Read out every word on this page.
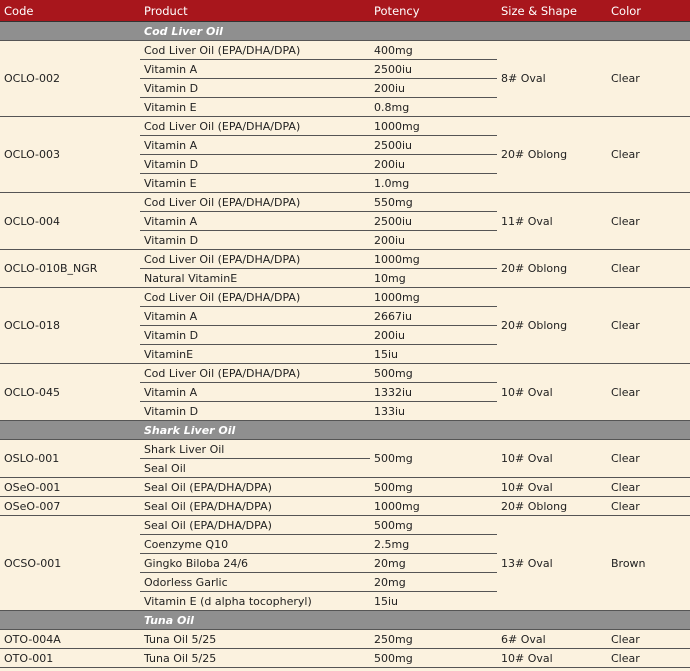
Code	Product	Potency	Size & Shape	Color
	Cod Liver Oil			
OCLO-002	Cod Liver Oil (EPA/DHA/DPA)	400mg	8# Oval	Clear
	Vitamin A	2500iu		
	Vitamin D	200iu		
	Vitamin E	0.8mg		
OCLO-003	Cod Liver Oil (EPA/DHA/DPA)	1000mg	20# Oblong	Clear
	Vitamin A	2500iu		
	Vitamin D	200iu		
	Vitamin E	1.0mg		
OCLO-004	Cod Liver Oil (EPA/DHA/DPA)	550mg	11# Oval	Clear
	Vitamin A	2500iu		
	Vitamin D	200iu		
OCLO-010B_NGR	Cod Liver Oil (EPA/DHA/DPA)	1000mg	20# Oblong	Clear
	Natural VitaminE	10mg		
OCLO-018	Cod Liver Oil (EPA/DHA/DPA)	1000mg	20# Oblong	Clear
	Vitamin A	2667iu		
	Vitamin D	200iu		
	VitaminE	15iu		
OCLO-045	Cod Liver Oil (EPA/DHA/DPA)	500mg	10# Oval	Clear
	Vitamin A	1332iu		
	Vitamin D	133iu		
	Shark Liver Oil			
OSLO-001	Shark Liver Oil	500mg	10# Oval	Clear
	Seal Oil			
OSeO-001	Seal Oil (EPA/DHA/DPA)	500mg	10# Oval	Clear
OSeO-007	Seal Oil (EPA/DHA/DPA)	1000mg	20# Oblong	Clear
OCSO-001	Seal Oil (EPA/DHA/DPA)	500mg	13# Oval	Brown
	Coenzyme Q10	2.5mg		
	Gingko Biloba 24/6	20mg		
	Odorless Garlic	20mg		
	Vitamin E (d alpha tocopheryl)	15iu		
	Tuna Oil			
OTO-004A	Tuna Oil 5/25	250mg	6# Oval	Clear
OTO-001	Tuna Oil 5/25	500mg	10# Oval	Clear
